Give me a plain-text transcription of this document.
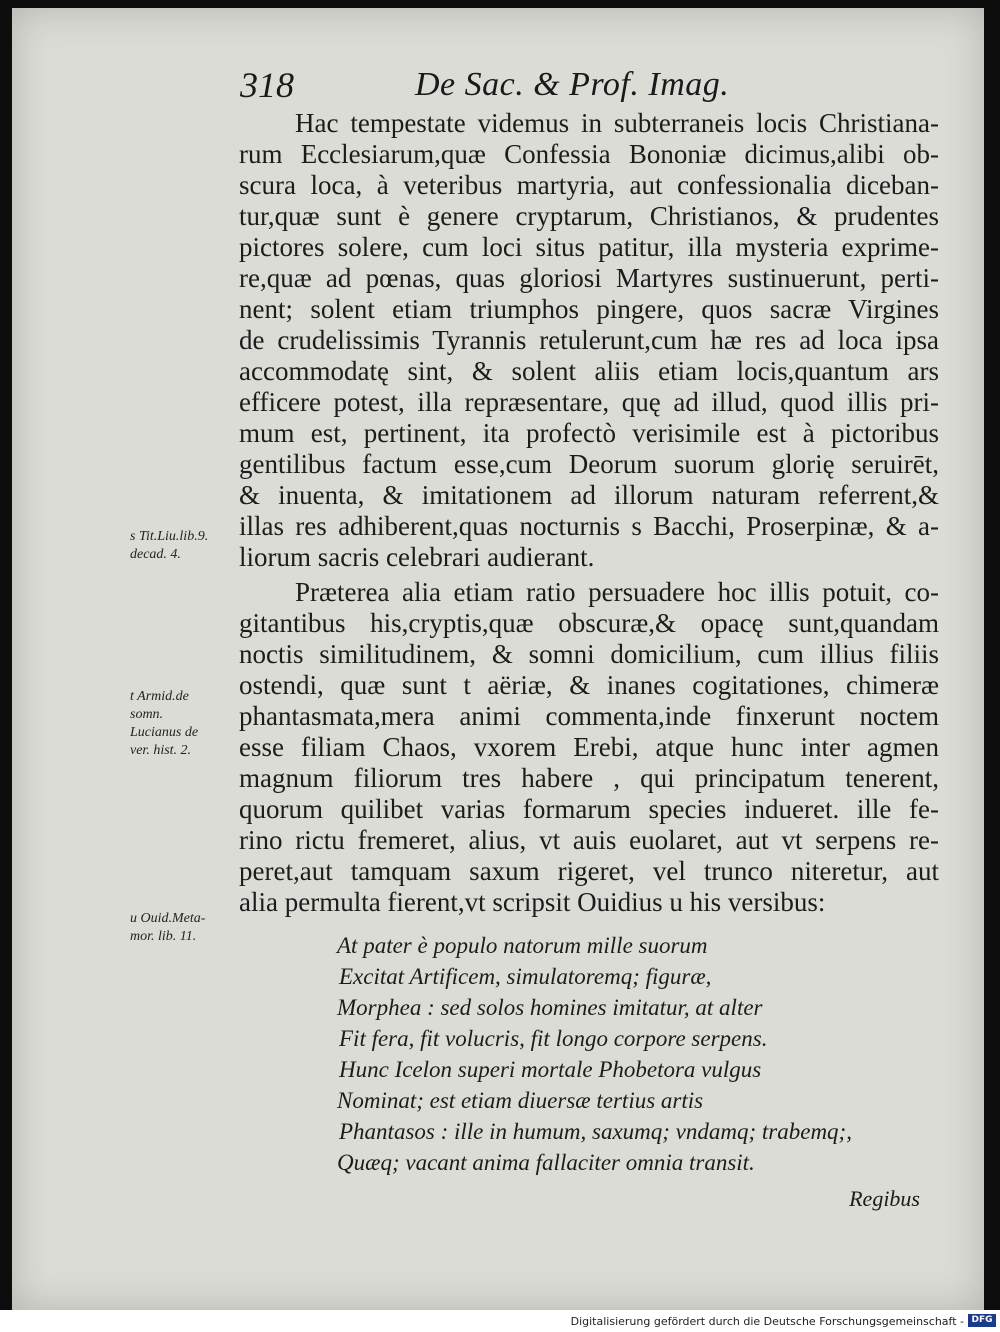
318	De Sac. & Prof. Imag.
Hac tempestate videmus in subterraneis locis Christiana-
rum Ecclesiarum,quæ Confessia Bononiæ dicimus,alibi ob-
scura loca, à veteribus martyria, aut confessionalia diceban-
tur,quæ sunt è genere cryptarum, Christianos, & prudentes
pictores solere, cum loci situs patitur, illa mysteria exprime-
re,quæ ad pœnas, quas gloriosi Martyres sustinuerunt, perti-
nent; solent etiam triumphos pingere, quos sacræ Virgines
de crudelissimis Tyrannis retulerunt,cum hæ res ad loca ipsa
accommodatę sint, & solent aliis etiam locis,quantum ars
efficere potest, illa repræsentare, quę ad illud, quod illis pri-
mum est, pertinent, ita profectò verisimile est à pictoribus
gentilibus factum esse,cum Deorum suorum glorię seruirēt,
& inuenta, & imitationem ad illorum naturam referrent,&
illas res adhiberent,quas nocturnis s Bacchi, Proserpinæ, & a-
liorum sacris celebrari audierant.
Præterea alia etiam ratio persuadere hoc illis potuit, co-
gitantibus his,cryptis,quæ obscuræ,& opacę sunt,quandam
noctis similitudinem, & somni domicilium, cum illius filiis
ostendi, quæ sunt t aëriæ, & inanes cogitationes, chimeræ
phantasmata,mera animi commenta,inde finxerunt noctem
esse filiam Chaos, vxorem Erebi, atque hunc inter agmen
magnum filiorum tres habere , qui principatum tenerent,
quorum quilibet varias formarum species indueret. ille fe-
rino rictu fremeret, alius, vt auis euolaret, aut vt serpens re-
peret,aut tamquam saxum rigeret, vel trunco niteretur, aut
alia permulta fierent,vt scripsit Ouidius u his versibus:
At pater è populo natorum mille suorum
Excitat Artificem, simulatoremq; figuræ,
Morphea : sed solos homines imitatur, at alter
Fit fera, fit volucris, fit longo corpore serpens.
Hunc Icelon superi mortale Phobetora vulgus
Nominat; est etiam diuersæ tertius artis
Phantasos : ille in humum, saxumq; vndamq; trabemq;,
Quæq; vacant anima fallaciter omnia transit.
Regibus
s Tit.Liu.lib.9.
decad. 4.
t Armid.de
somn.
Lucianus de
ver. hist. 2.
u Ouid.Meta-
mor. lib. 11.
Digitalisierung gefördert durch die Deutsche Forschungsgemeinschaft - DFG
